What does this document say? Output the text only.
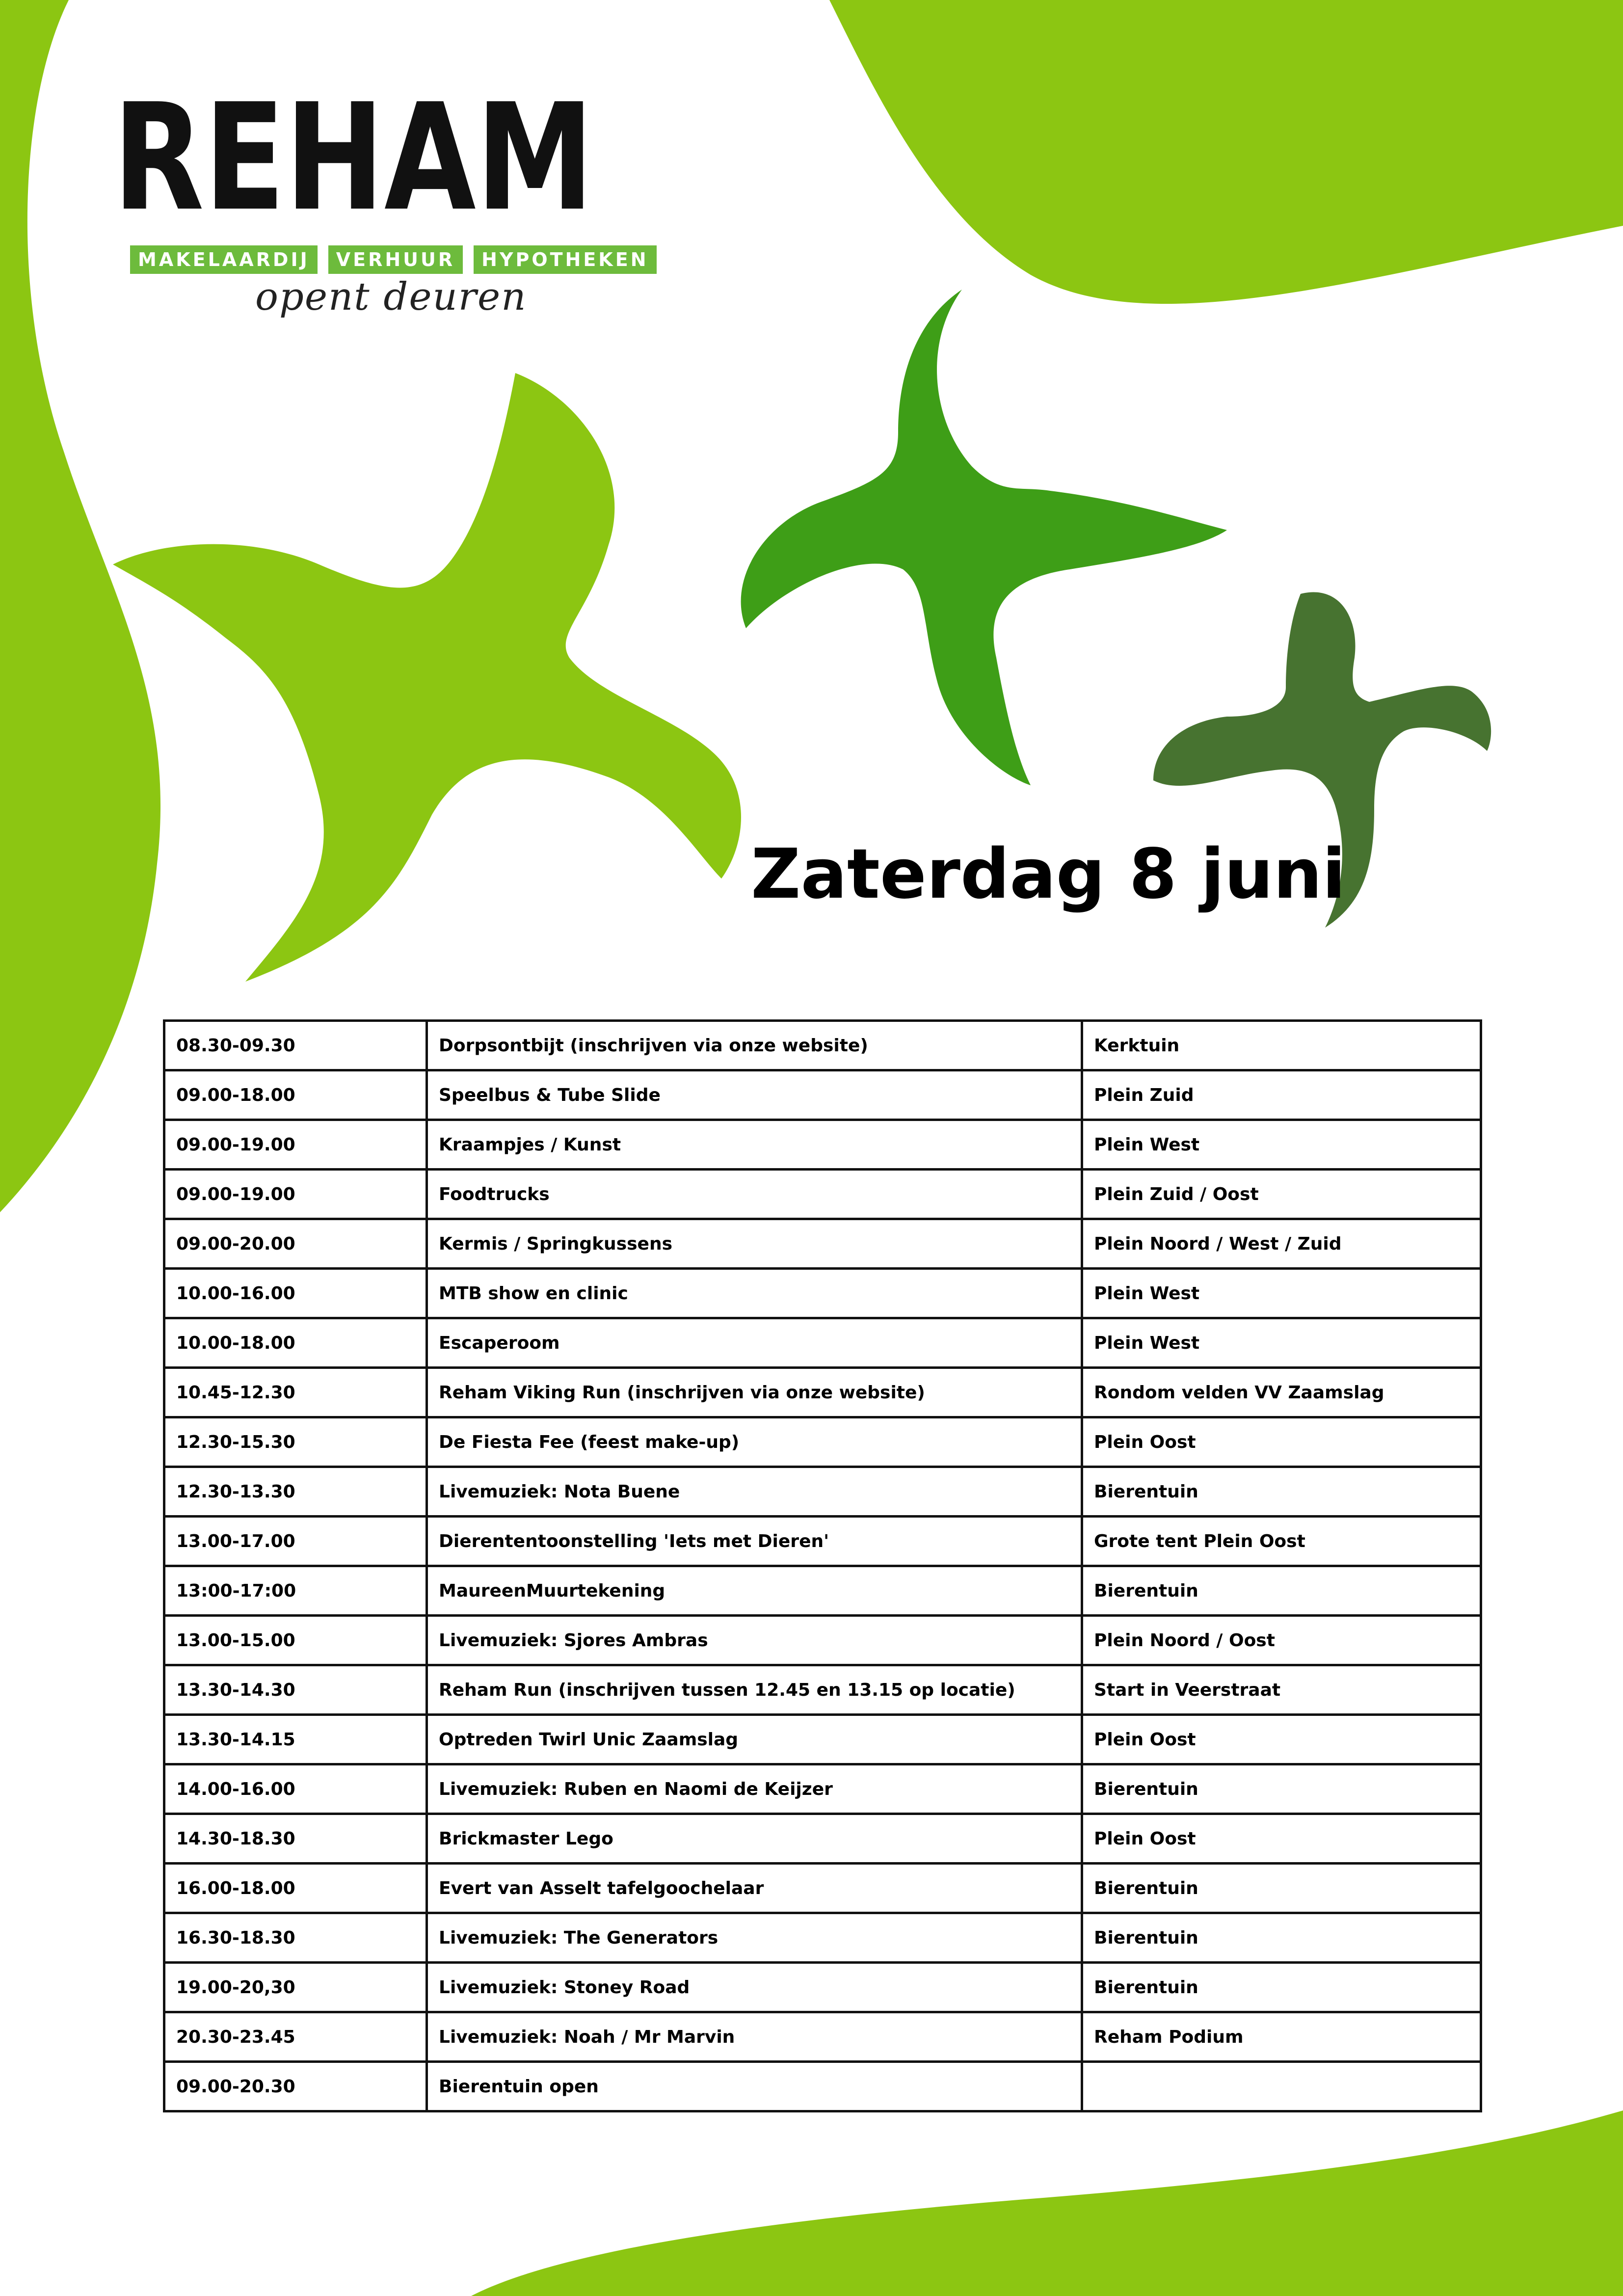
REHAM
MAKELAARDIJ	VERHUUR	HYPOTHEKEN
opent deuren
Zaterdag 8 juni
08.30-09.30	Dorpsontbijt (inschrijven via onze website)	Kerktuin
09.00-18.00	Speelbus & Tube Slide	Plein Zuid
09.00-19.00	Kraampjes / Kunst	Plein West
09.00-19.00	Foodtrucks	Plein Zuid / Oost
09.00-20.00	Kermis / Springkussens	Plein Noord / West / Zuid
10.00-16.00	MTB show en clinic	Plein West
10.00-18.00	Escaperoom	Plein West
10.45-12.30	Reham Viking Run (inschrijven via onze website)	Rondom velden VV Zaamslag
12.30-15.30	De Fiesta Fee (feest make-up)	Plein Oost
12.30-13.30	Livemuziek: Nota Buene	Bierentuin
13.00-17.00	Dierententoonstelling 'Iets met Dieren'	Grote tent Plein Oost
13:00-17:00	MaureenMuurtekening	Bierentuin
13.00-15.00	Livemuziek: Sjores Ambras	Plein Noord / Oost
13.30-14.30	Reham Run (inschrijven tussen 12.45 en 13.15 op locatie)	Start in Veerstraat
13.30-14.15	Optreden Twirl Unic Zaamslag	Plein Oost
14.00-16.00	Livemuziek: Ruben en Naomi de Keijzer	Bierentuin
14.30-18.30	Brickmaster Lego	Plein Oost
16.00-18.00	Evert van Asselt tafelgoochelaar	Bierentuin
16.30-18.30	Livemuziek: The Generators	Bierentuin
19.00-20,30	Livemuziek: Stoney Road	Bierentuin
20.30-23.45	Livemuziek: Noah / Mr Marvin	Reham Podium
09.00-20.30	Bierentuin open	
